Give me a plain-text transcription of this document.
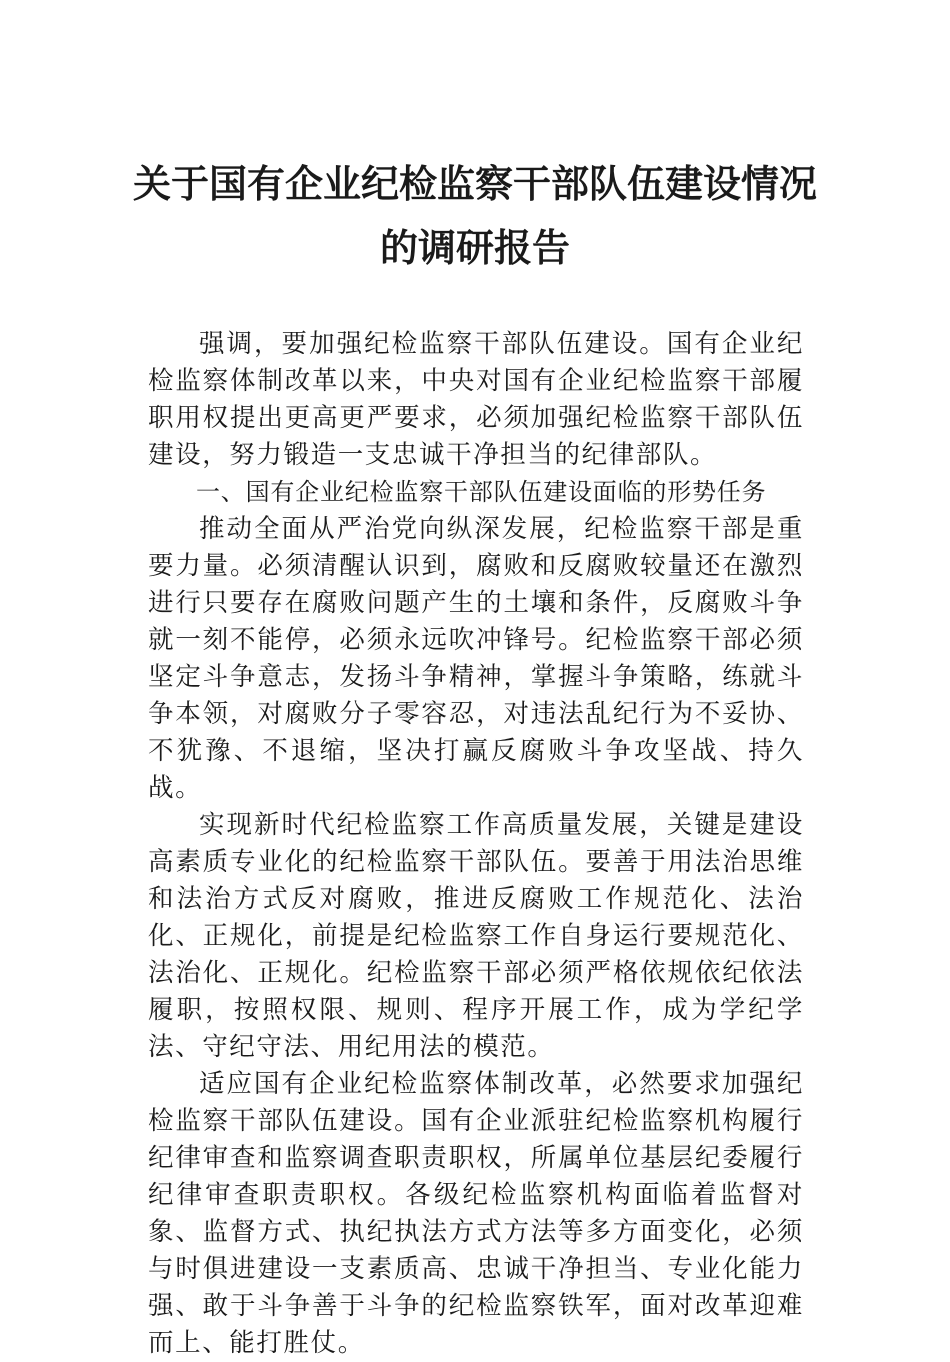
关于国有企业纪检监察干部队伍建设情况
的调研报告

强调，要加强纪检监察干部队伍建设。国有企业纪检监察体制改革以来，中央对国有企业纪检监察干部履职用权提出更高更严要求，必须加强纪检监察干部队伍建设，努力锻造一支忠诚干净担当的纪律部队。

一、国有企业纪检监察干部队伍建设面临的形势任务

推动全面从严治党向纵深发展，纪检监察干部是重要力量。必须清醒认识到，腐败和反腐败较量还在激烈进行只要存在腐败问题产生的土壤和条件，反腐败斗争就一刻不能停，必须永远吹冲锋号。纪检监察干部必须坚定斗争意志，发扬斗争精神，掌握斗争策略，练就斗争本领，对腐败分子零容忍，对违法乱纪行为不妥协、不犹豫、不退缩，坚决打赢反腐败斗争攻坚战、持久战。

实现新时代纪检监察工作高质量发展，关键是建设高素质专业化的纪检监察干部队伍。要善于用法治思维和法治方式反对腐败，推进反腐败工作规范化、法治化、正规化，前提是纪检监察工作自身运行要规范化、法治化、正规化。纪检监察干部必须严格依规依纪依法履职，按照权限、规则、程序开展工作，成为学纪学法、守纪守法、用纪用法的模范。

适应国有企业纪检监察体制改革，必然要求加强纪检监察干部队伍建设。国有企业派驻纪检监察机构履行纪律审查和监察调查职责职权，所属单位基层纪委履行纪律审查职责职权。各级纪检监察机构面临着监督对象、监督方式、执纪执法方式方法等多方面变化，必须与时俱进建设一支素质高、忠诚干净担当、专业化能力强、敢于斗争善于斗争的纪检监察铁军，面对改革迎难而上、能打胜仗。
